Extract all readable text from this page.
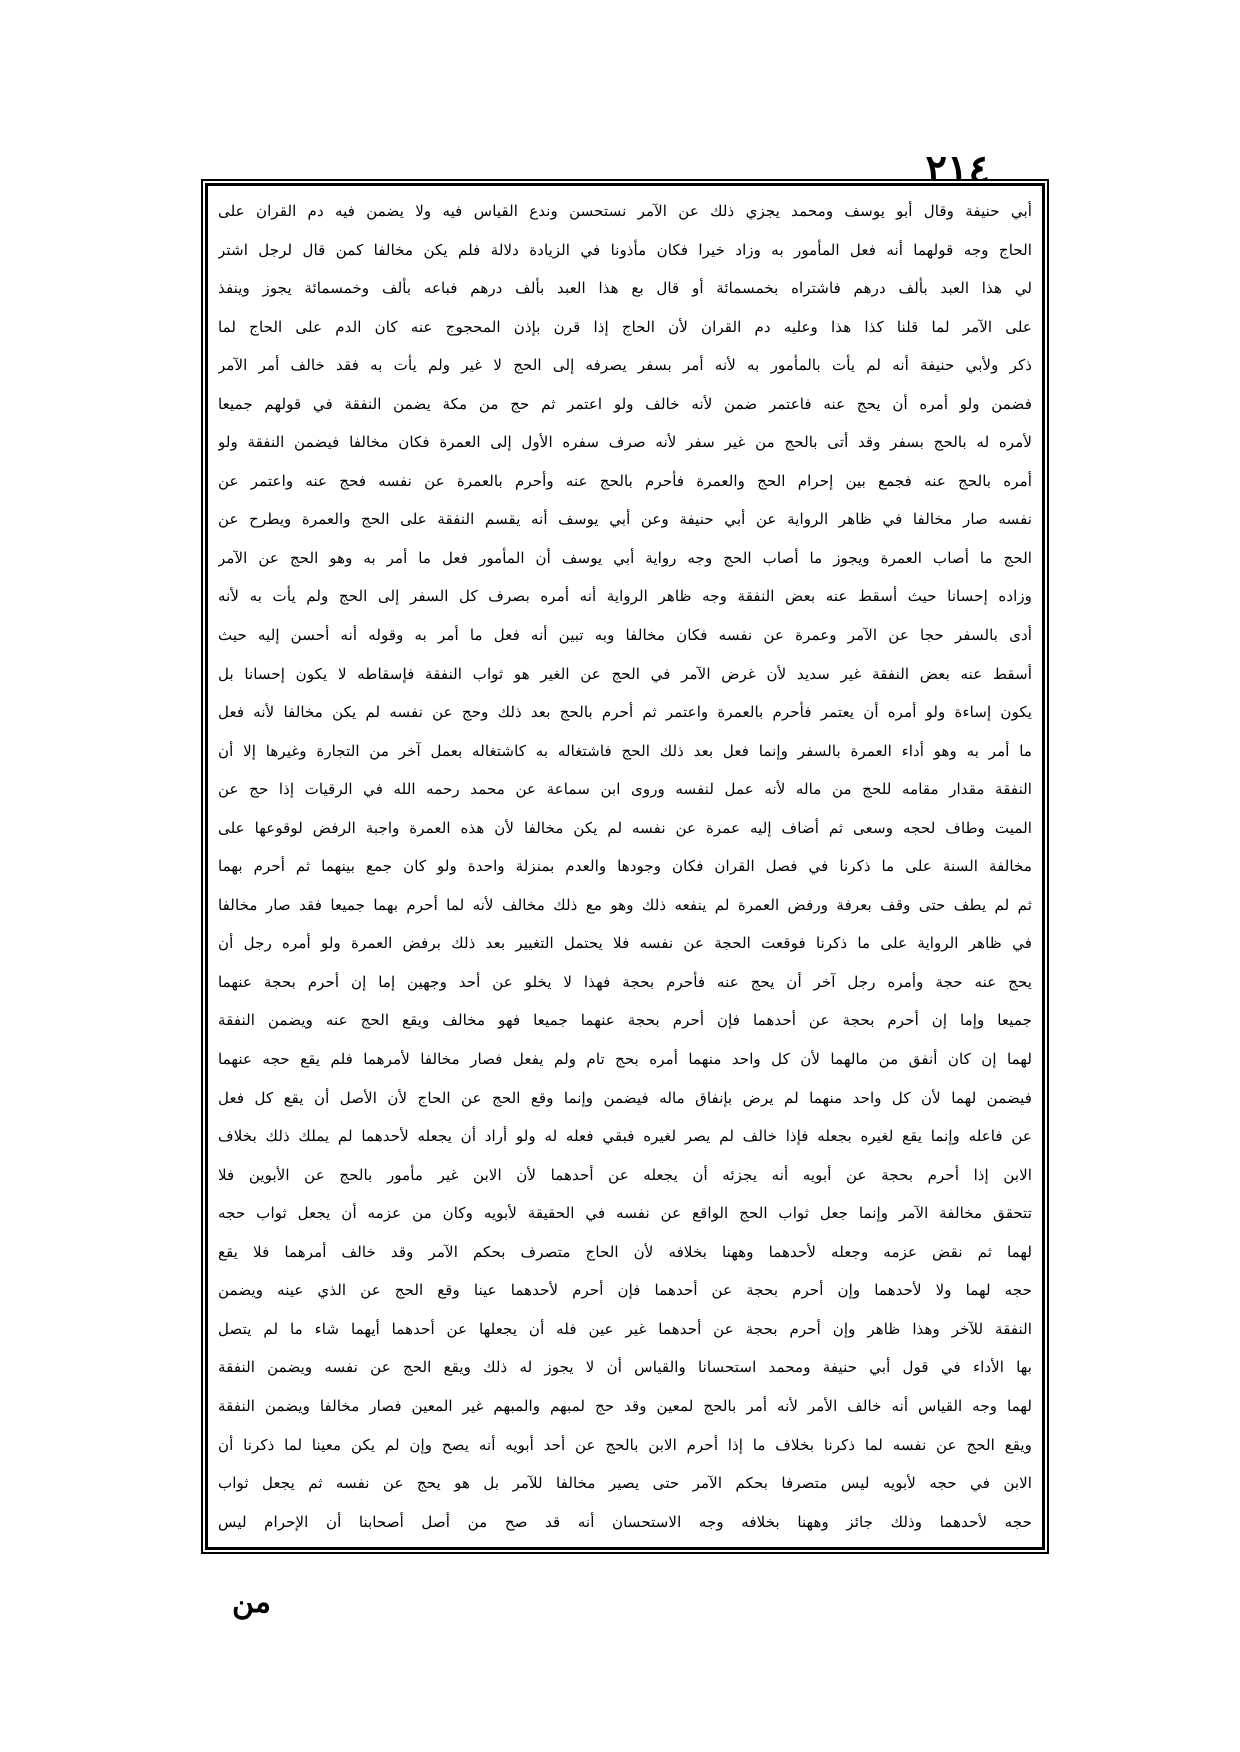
٢١٤
أبي حنيفة وقال أبو يوسف ومحمد يجزي ذلك عن الآمر نستحسن وندع القياس فيه ولا يضمن فيه دم القران على
الحاج وجه قولهما أنه فعل المأمور به وزاد خيرا فكان مأذونا في الزيادة دلالة فلم يكن مخالفا كمن قال لرجل اشتر
لي هذا العبد بألف درهم فاشتراه بخمسمائة أو قال بع هذا العبد بألف درهم فباعه بألف وخمسمائة يجوز وينفذ
على الآمر لما قلنا كذا هذا وعليه دم القران لأن الحاج إذا قرن بإذن المحجوج عنه كان الدم على الحاج لما
ذكر ولأبي حنيفة أنه لم يأت بالمأمور به لأنه أمر بسفر يصرفه إلى الحج لا غير ولم يأت به فقد خالف أمر الآمر
فضمن ولو أمره أن يحج عنه فاعتمر ضمن لأنه خالف ولو اعتمر ثم حج من مكة يضمن النفقة في قولهم جميعا
لأمره له بالحج بسفر وقد أتى بالحج من غير سفر لأنه صرف سفره الأول إلى العمرة فكان مخالفا فيضمن النفقة ولو
أمره بالحج عنه فجمع بين إحرام الحج والعمرة فأحرم بالحج عنه وأحرم بالعمرة عن نفسه فحج عنه واعتمر عن
نفسه صار مخالفا في ظاهر الرواية عن أبي حنيفة وعن أبي يوسف أنه يقسم النفقة على الحج والعمرة ويطرح عن
الحج ما أصاب العمرة ويجوز ما أصاب الحج وجه رواية أبي يوسف أن المأمور فعل ما أمر به وهو الحج عن الآمر
وزاده إحسانا حيث أسقط عنه بعض النفقة وجه ظاهر الرواية أنه أمره بصرف كل السفر إلى الحج ولم يأت به لأنه
أدى بالسفر حجا عن الآمر وعمرة عن نفسه فكان مخالفا وبه تبين أنه فعل ما أمر به وقوله أنه أحسن إليه حيث
أسقط عنه بعض النفقة غير سديد لأن غرض الآمر في الحج عن الغير هو ثواب النفقة فإسقاطه لا يكون إحسانا بل
يكون إساءة ولو أمره أن يعتمر فأحرم بالعمرة واعتمر ثم أحرم بالحج بعد ذلك وحج عن نفسه لم يكن مخالفا لأنه فعل
ما أمر به وهو أداء العمرة بالسفر وإنما فعل بعد ذلك الحج فاشتغاله به كاشتغاله بعمل آخر من التجارة وغيرها إلا أن
النفقة مقدار مقامه للحج من ماله لأنه عمل لنفسه وروى ابن سماعة عن محمد رحمه الله في الرقيات إذا حج عن
الميت وطاف لحجه وسعى ثم أضاف إليه عمرة عن نفسه لم يكن مخالفا لأن هذه العمرة واجبة الرفض لوقوعها على
مخالفة السنة على ما ذكرنا في فصل القران فكان وجودها والعدم بمنزلة واحدة ولو كان جمع بينهما ثم أحرم بهما
ثم لم يطف حتى وقف بعرفة ورفض العمرة لم ينفعه ذلك وهو مع ذلك مخالف لأنه لما أحرم بهما جميعا فقد صار مخالفا
في ظاهر الرواية على ما ذكرنا فوقعت الحجة عن نفسه فلا يحتمل التغيير بعد ذلك برفض العمرة ولو أمره رجل أن
يحج عنه حجة وأمره رجل آخر أن يحج عنه فأحرم بحجة فهذا لا يخلو عن أحد وجهين إما إن أحرم بحجة عنهما
جميعا وإما إن أحرم بحجة عن أحدهما فإن أحرم بحجة عنهما جميعا فهو مخالف ويقع الحج عنه ويضمن النفقة
لهما إن كان أنفق من مالهما لأن كل واحد منهما أمره بحج تام ولم يفعل فصار مخالفا لأمرهما فلم يقع حجه عنهما
فيضمن لهما لأن كل واحد منهما لم يرض بإنفاق ماله فيضمن وإنما وقع الحج عن الحاج لأن الأصل أن يقع كل فعل
عن فاعله وإنما يقع لغيره بجعله فإذا خالف لم يصر لغيره فبقي فعله له ولو أراد أن يجعله لأحدهما لم يملك ذلك بخلاف
الابن إذا أحرم بحجة عن أبويه أنه يجزئه أن يجعله عن أحدهما لأن الابن غير مأمور بالحج عن الأبوين فلا
تتحقق مخالفة الآمر وإنما جعل ثواب الحج الواقع عن نفسه في الحقيقة لأبويه وكان من عزمه أن يجعل ثواب حجه
لهما ثم نقض عزمه وجعله لأحدهما وههنا بخلافه لأن الحاج متصرف بحكم الآمر وقد خالف أمرهما فلا يقع
حجه لهما ولا لأحدهما وإن أحرم بحجة عن أحدهما فإن أحرم لأحدهما عينا وقع الحج عن الذي عينه ويضمن
النفقة للآخر وهذا ظاهر وإن أحرم بحجة عن أحدهما غير عين فله أن يجعلها عن أحدهما أيهما شاء ما لم يتصل
بها الأداء في قول أبي حنيفة ومحمد استحسانا والقياس أن لا يجوز له ذلك ويقع الحج عن نفسه ويضمن النفقة
لهما وجه القياس أنه خالف الأمر لأنه أمر بالحج لمعين وقد حج لمبهم والمبهم غير المعين فصار مخالفا ويضمن النفقة
ويقع الحج عن نفسه لما ذكرنا بخلاف ما إذا أحرم الابن بالحج عن أحد أبويه أنه يصح وإن لم يكن معينا لما ذكرنا أن
الابن في حجه لأبويه ليس متصرفا بحكم الآمر حتى يصير مخالفا للآمر بل هو يحج عن نفسه ثم يجعل ثواب
حجه لأحدهما وذلك جائز وههنا بخلافه وجه الاستحسان أنه قد صح من أصل أصحابنا أن الإحرام ليس
من
